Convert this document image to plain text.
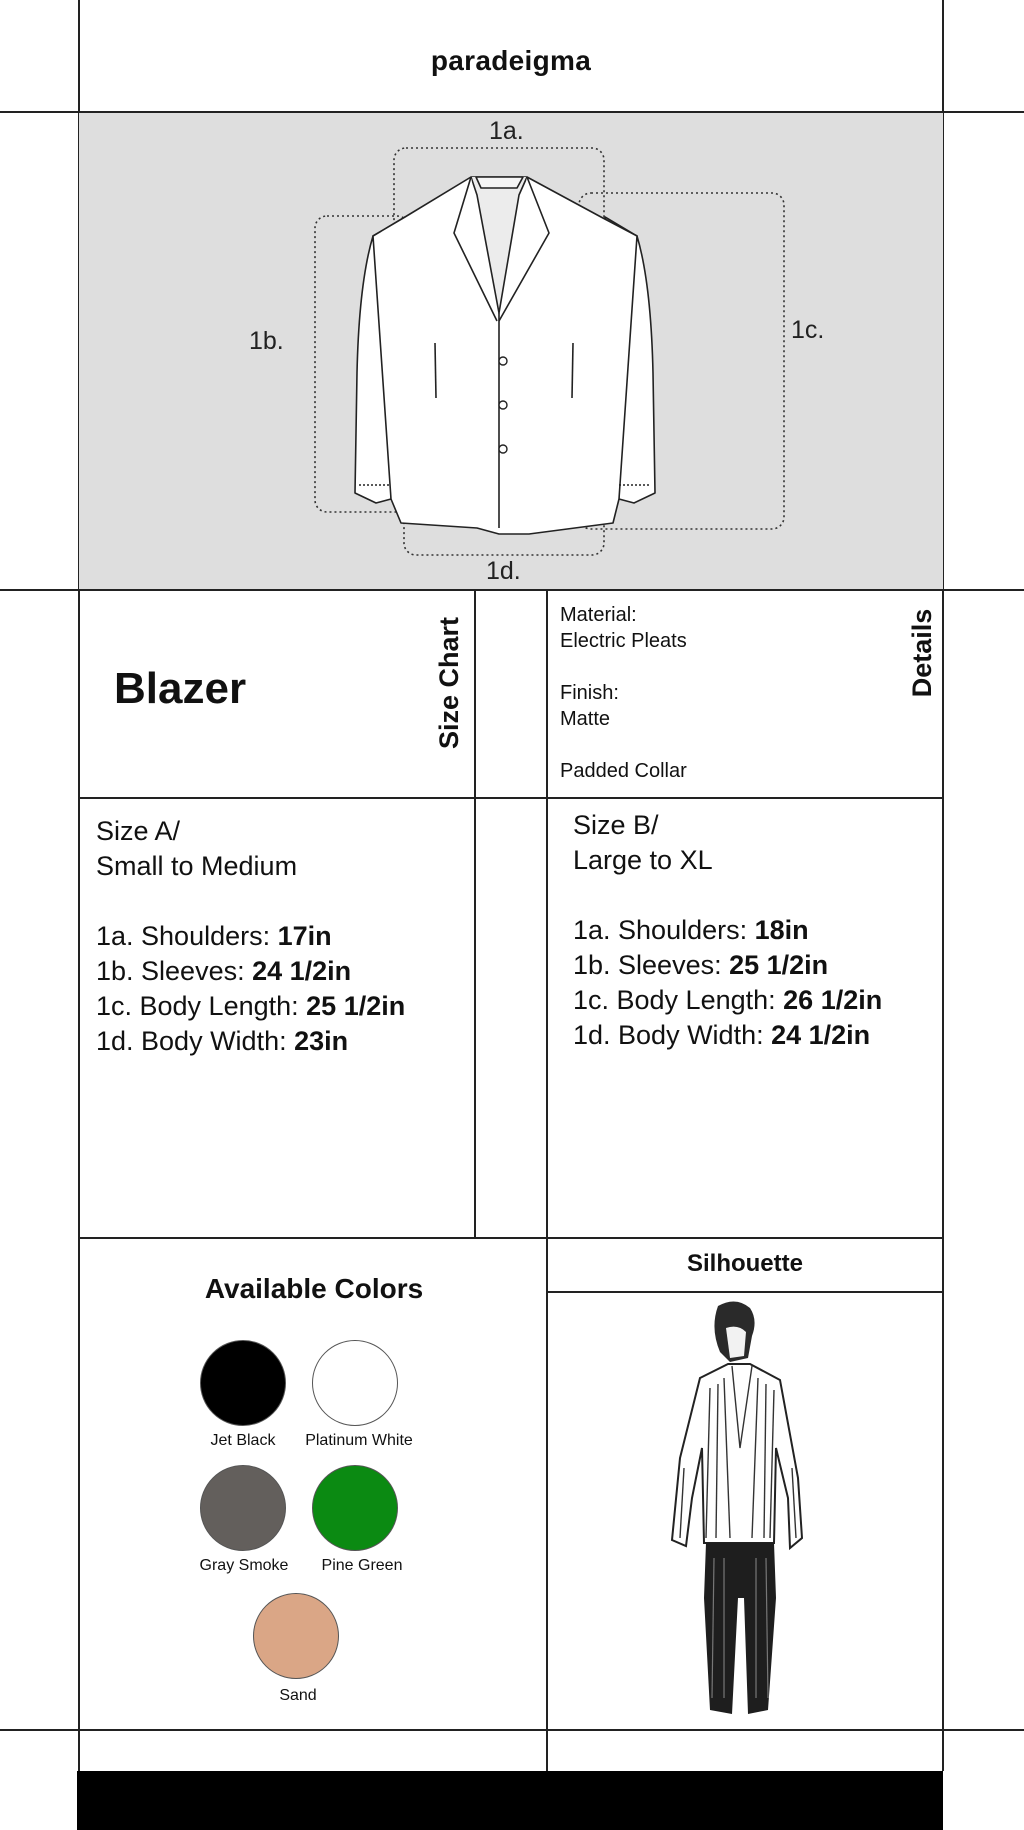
paradeigma
1a.
1b.	1c.
1d.
Blazer	Size Chart	Details
Material:
Electric Pleats
Finish:
Matte
Padded Collar
Size A/
Small to Medium
1a. Shoulders: 17in
1b. Sleeves: 24 1/2in
1c. Body Length: 25 1/2in
1d. Body Width: 23in
Size B/
Large to XL
1a. Shoulders: 18in
1b. Sleeves: 25 1/2in
1c. Body Length: 26 1/2in
1d. Body Width: 24 1/2in
Available Colors
Jet Black	Platinum White
Gray Smoke	Pine Green
Sand
Silhouette
